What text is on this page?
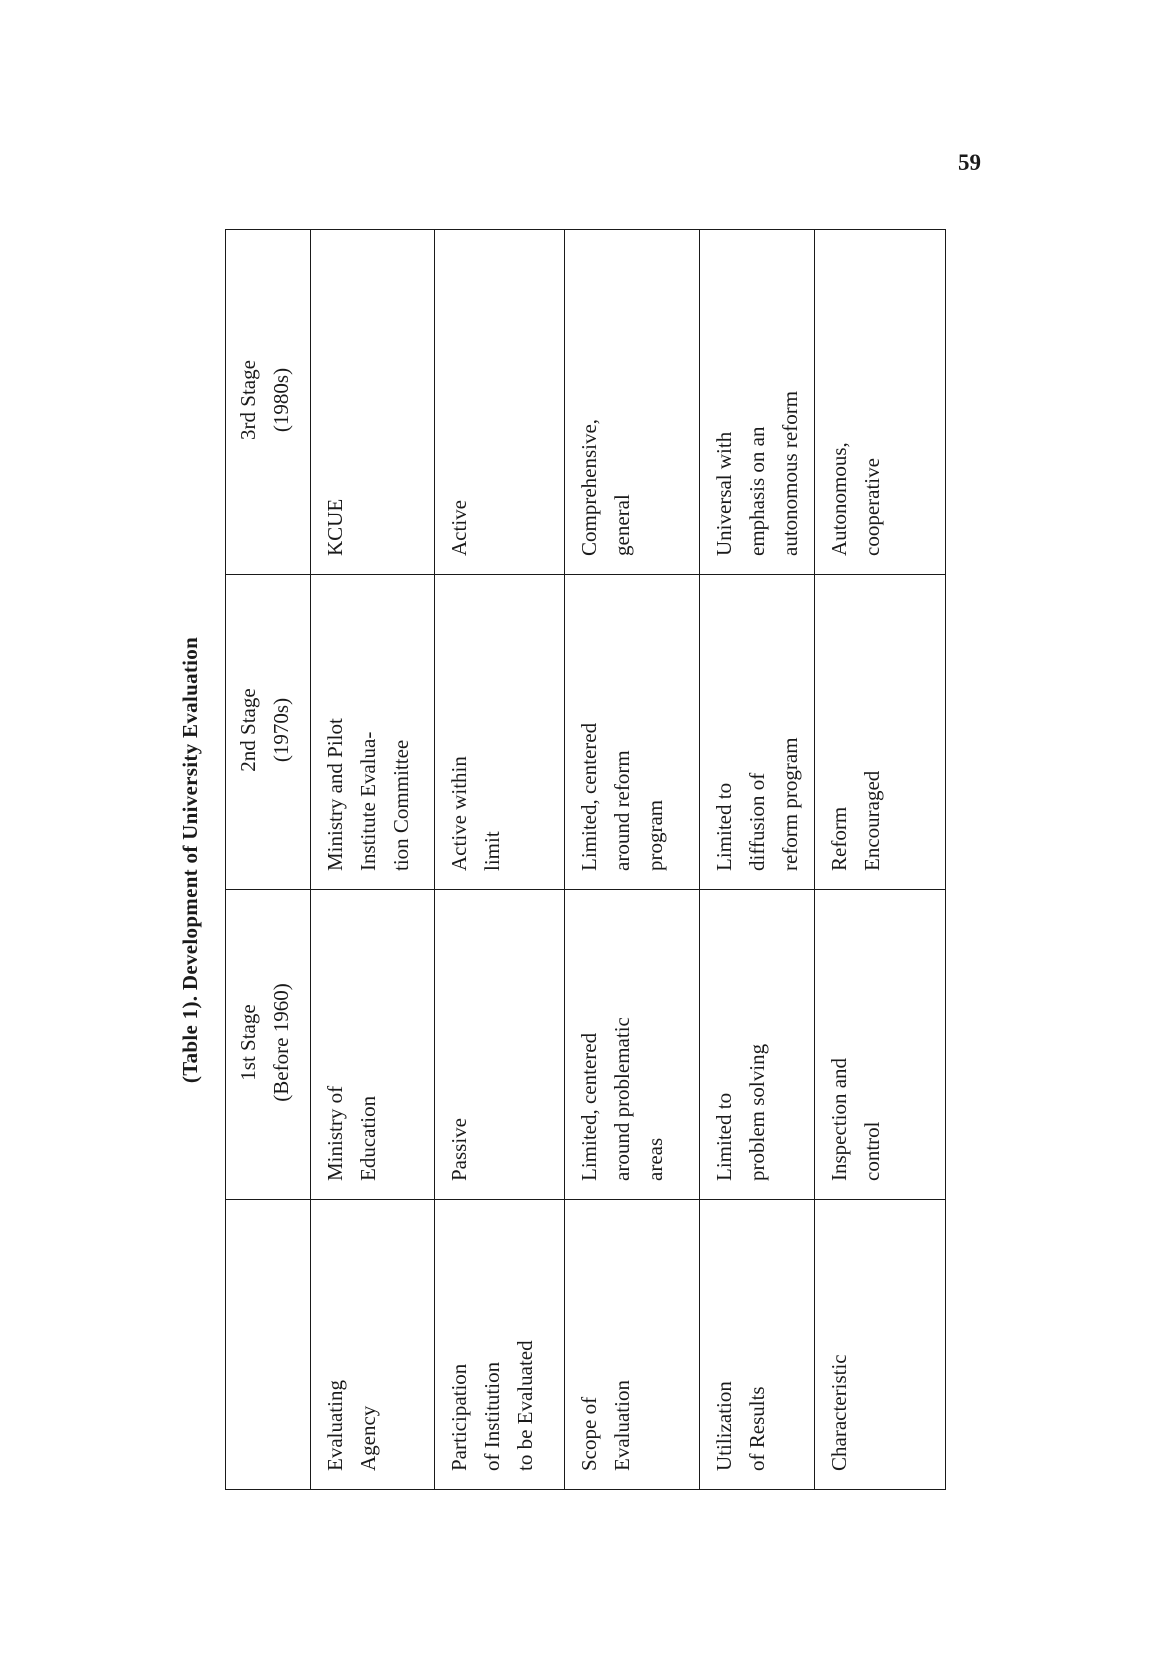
59
(Table 1). Development of University Evaluation
		1st Stage
(Before 1960)	2nd Stage
(1970s)	3rd Stage
(1980s)
Evaluating
Agency	Ministry of
Education	Ministry and Pilot
Institute Evalua-
tion Committee	KCUE
Participation
of Institution
to be Evaluated	Passive	Active within
limit	Active
Scope of
Evaluation	Limited, centered
around problematic
areas	Limited, centered
around reform
program	Comprehensive,
general
Utilization
of Results	Limited to
problem solving	Limited to
diffusion of
reform program	Universal with
emphasis on an
autonomous reform
Characteristic	Inspection and
control	Reform
Encouraged	Autonomous,
cooperative
